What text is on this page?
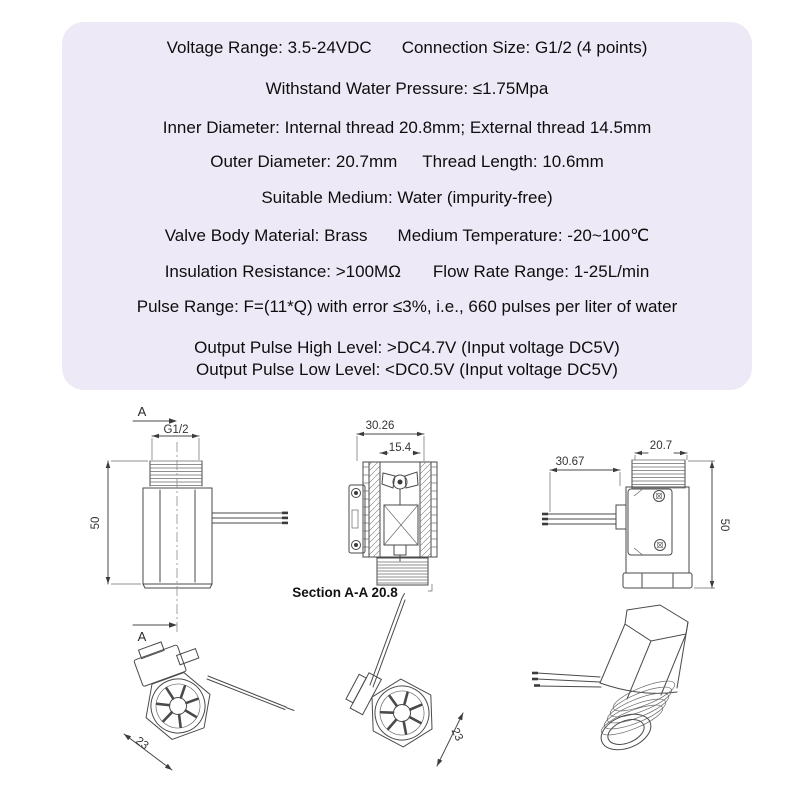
Voltage Range: 3.5-24VDC Connection Size: G1/2 (4 points)
Withstand Water Pressure: ≤1.75Mpa
Inner Diameter: Internal thread 20.8mm; External thread 14.5mm
Outer Diameter: 20.7mm Thread Length: 10.6mm
Suitable Medium: Water (impurity-free)
Valve Body Material: Brass Medium Temperature: -20~100℃
Insulation Resistance: >100MΩ Flow Rate Range: 1-25L/min
Pulse Range: F=(11*Q) with error ≤3%, i.e., 660 pulses per liter of water
Output Pulse High Level: >DC4.7V (Input voltage DC5V)
Output Pulse Low Level: <DC0.5V (Input voltage DC5V)
A
G1/2
50
A
30.26
15.4
Section A-A 20.8
20.7
30.67
50
23
23
